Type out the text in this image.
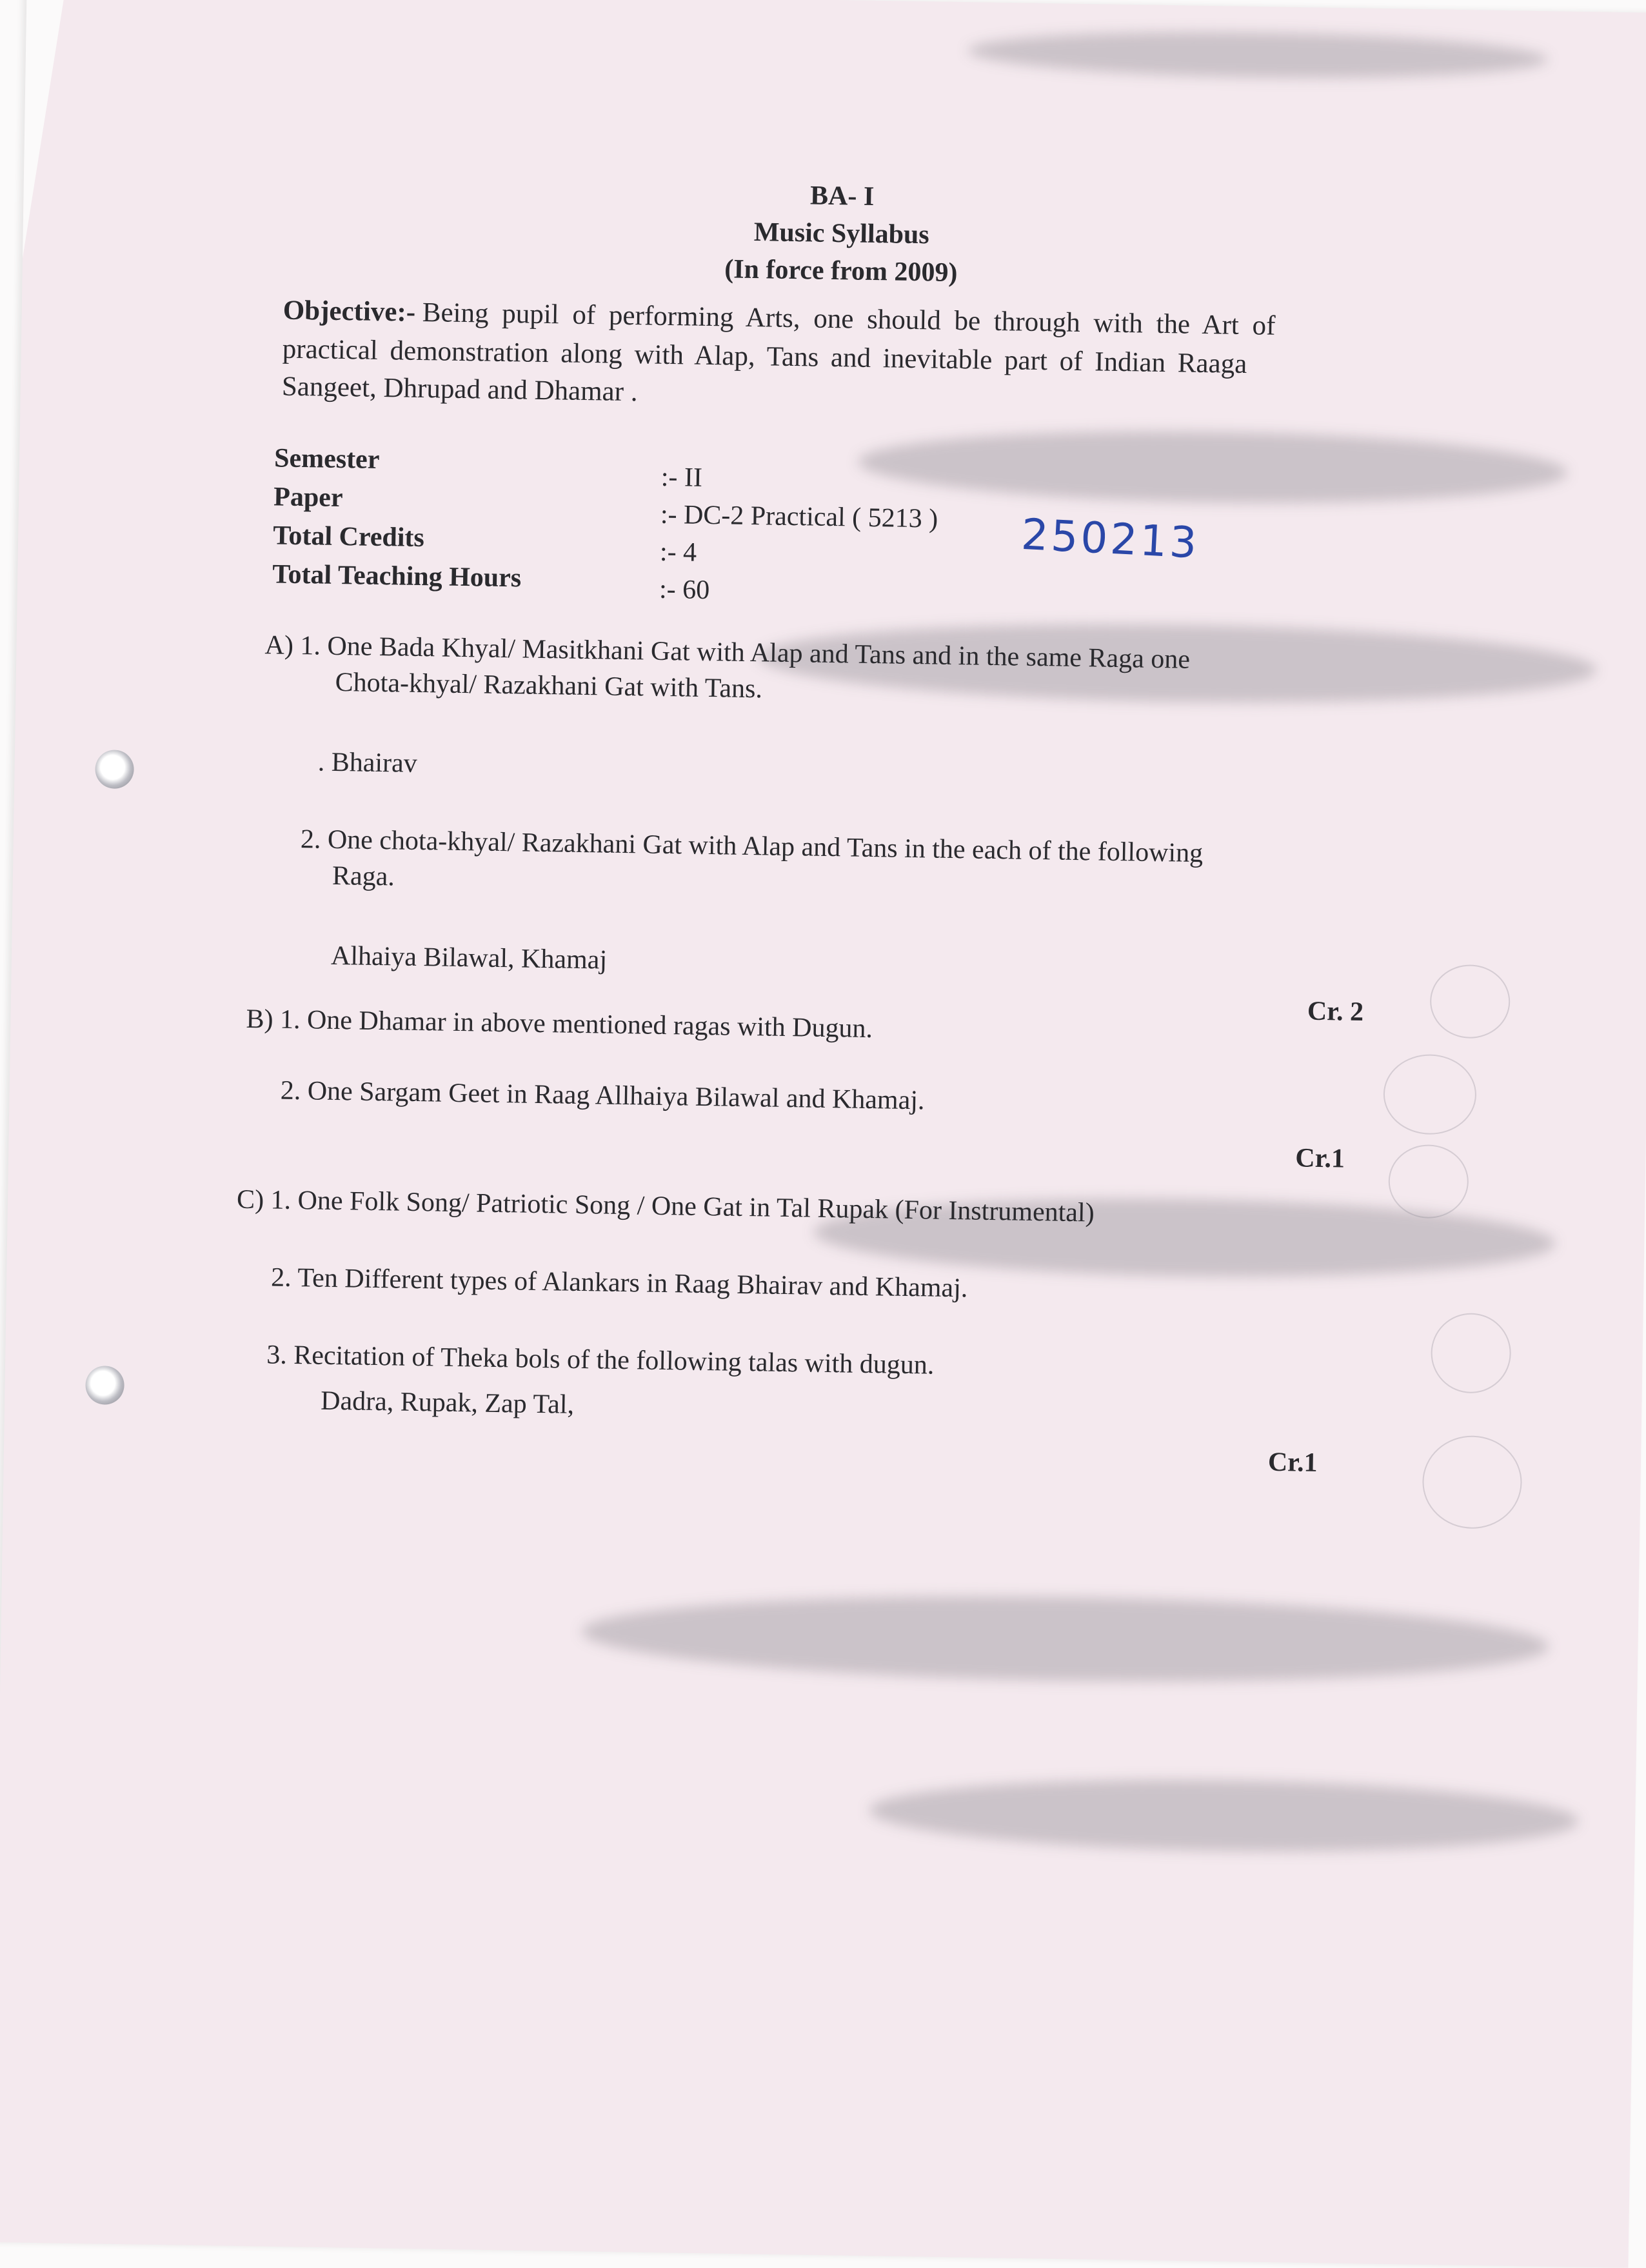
BA- I
Music Syllabus
(In force from 2009)
Objective:- Being pupil of performing Arts, one should be through with the Art of
practical demonstration along with Alap, Tans and inevitable part of Indian Raaga
Sangeet, Dhrupad and Dhamar .
Semester
:- II
Paper
:- DC-2 Practical ( 5213 )
Total Credits	:- 4
Total Teaching Hours	:- 60
250213
A) 1. One Bada Khyal/ Masitkhani Gat with Alap and Tans and in the same Raga one
Chota-khyal/ Razakhani Gat with Tans.
. Bhairav
2. One chota-khyal/ Razakhani Gat with Alap and Tans in the each of the following
Raga.
Alhaiya Bilawal, Khamaj
Cr. 2
B) 1. One Dhamar in above mentioned ragas with Dugun.
2. One Sargam Geet in Raag Allhaiya Bilawal and Khamaj.
Cr.1
C) 1. One Folk Song/ Patriotic Song / One Gat in Tal Rupak (For Instrumental)
2. Ten Different types of Alankars in Raag Bhairav and Khamaj.
3. Recitation of Theka bols of the following talas with dugun.
Dadra, Rupak, Zap Tal,
Cr.1
